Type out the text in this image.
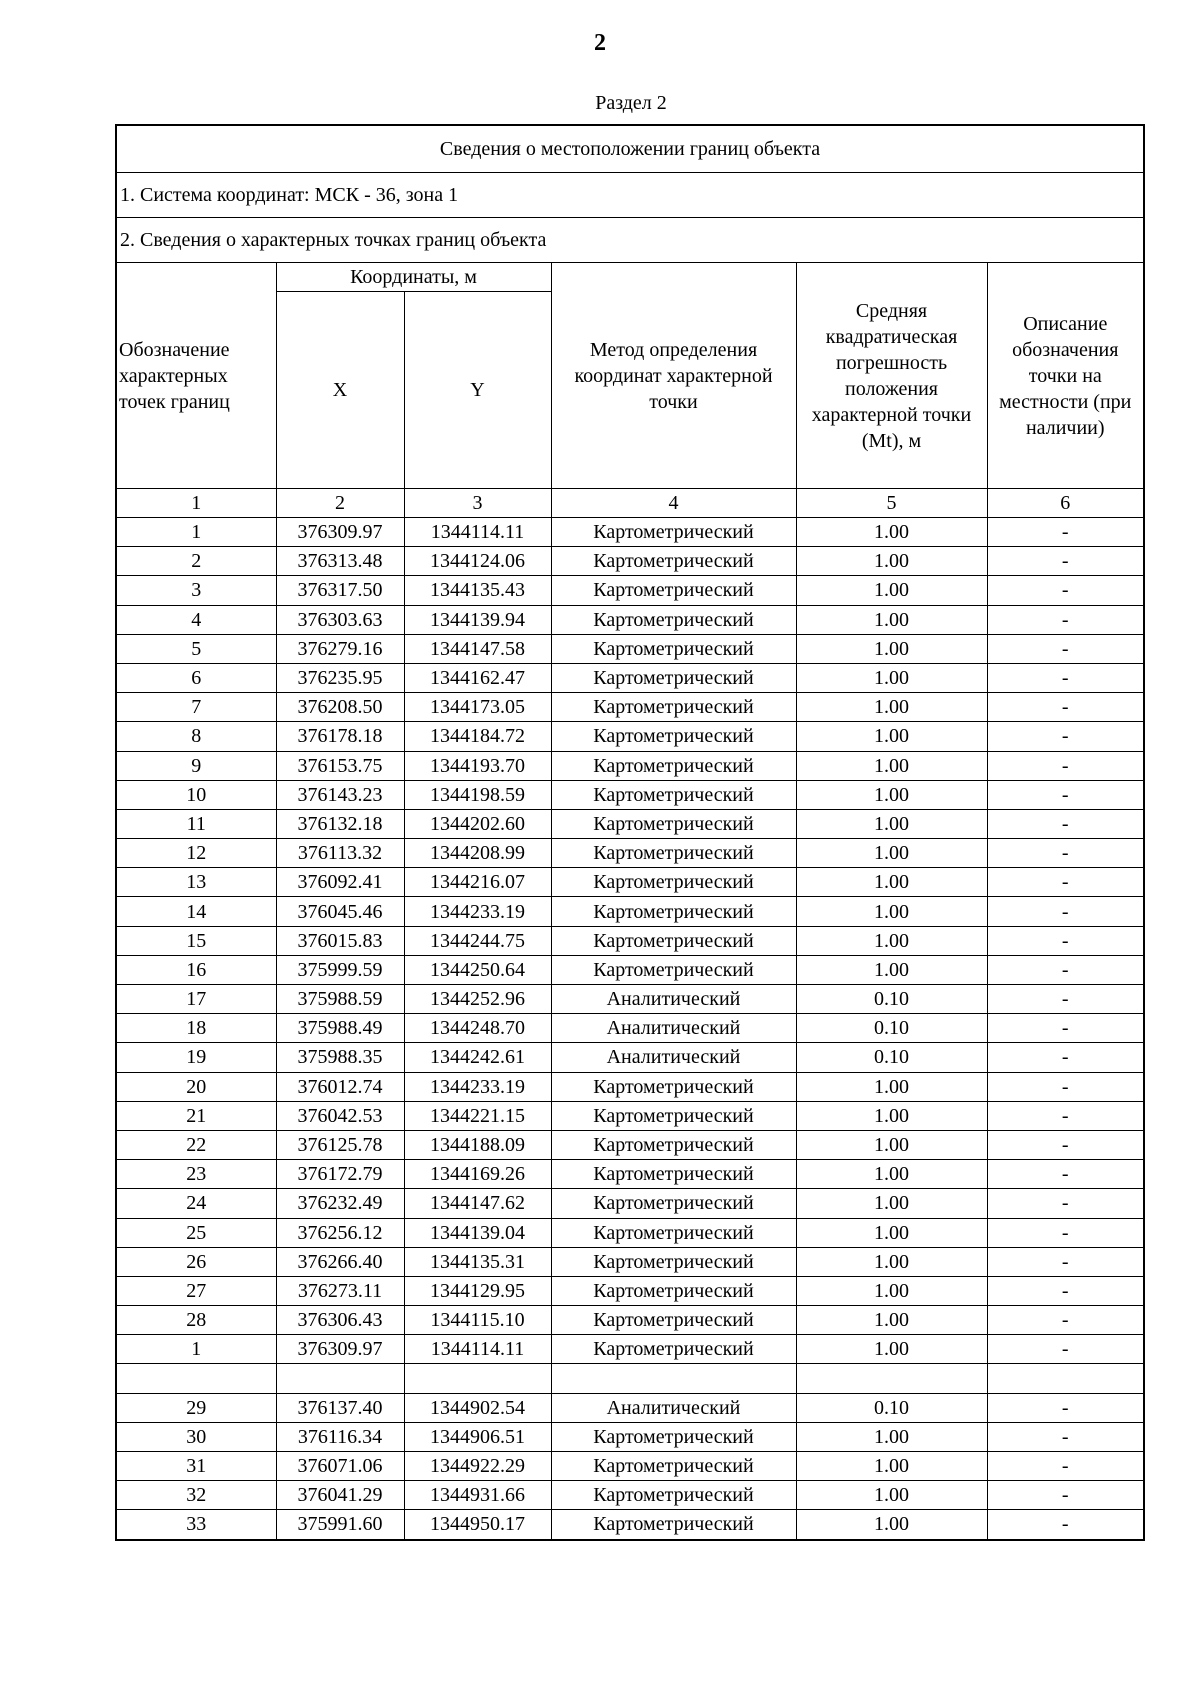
2
Раздел 2
Сведения о местоположении границ объекта					
1. Система координат: МСК - 36, зона 1					
2. Сведения о характерных точках границ объекта					
Обозначение характерных точек границ	Координаты, м		Метод определения координат характерной точки	Средняя квадратическая погрешность положения характерной точки (Mt), м	Описание обозначения точки на местности (при наличии)
	X	Y			
1	2	3	4	5	6
1	376309.97	1344114.11	Картометрический	1.00	-
2	376313.48	1344124.06	Картометрический	1.00	-
3	376317.50	1344135.43	Картометрический	1.00	-
4	376303.63	1344139.94	Картометрический	1.00	-
5	376279.16	1344147.58	Картометрический	1.00	-
6	376235.95	1344162.47	Картометрический	1.00	-
7	376208.50	1344173.05	Картометрический	1.00	-
8	376178.18	1344184.72	Картометрический	1.00	-
9	376153.75	1344193.70	Картометрический	1.00	-
10	376143.23	1344198.59	Картометрический	1.00	-
11	376132.18	1344202.60	Картометрический	1.00	-
12	376113.32	1344208.99	Картометрический	1.00	-
13	376092.41	1344216.07	Картометрический	1.00	-
14	376045.46	1344233.19	Картометрический	1.00	-
15	376015.83	1344244.75	Картометрический	1.00	-
16	375999.59	1344250.64	Картометрический	1.00	-
17	375988.59	1344252.96	Аналитический	0.10	-
18	375988.49	1344248.70	Аналитический	0.10	-
19	375988.35	1344242.61	Аналитический	0.10	-
20	376012.74	1344233.19	Картометрический	1.00	-
21	376042.53	1344221.15	Картометрический	1.00	-
22	376125.78	1344188.09	Картометрический	1.00	-
23	376172.79	1344169.26	Картометрический	1.00	-
24	376232.49	1344147.62	Картометрический	1.00	-
25	376256.12	1344139.04	Картометрический	1.00	-
26	376266.40	1344135.31	Картометрический	1.00	-
27	376273.11	1344129.95	Картометрический	1.00	-
28	376306.43	1344115.10	Картометрический	1.00	-
1	376309.97	1344114.11	Картометрический	1.00	-

29	376137.40	1344902.54	Аналитический	0.10	-
30	376116.34	1344906.51	Картометрический	1.00	-
31	376071.06	1344922.29	Картометрический	1.00	-
32	376041.29	1344931.66	Картометрический	1.00	-
33	375991.60	1344950.17	Картометрический	1.00	-
